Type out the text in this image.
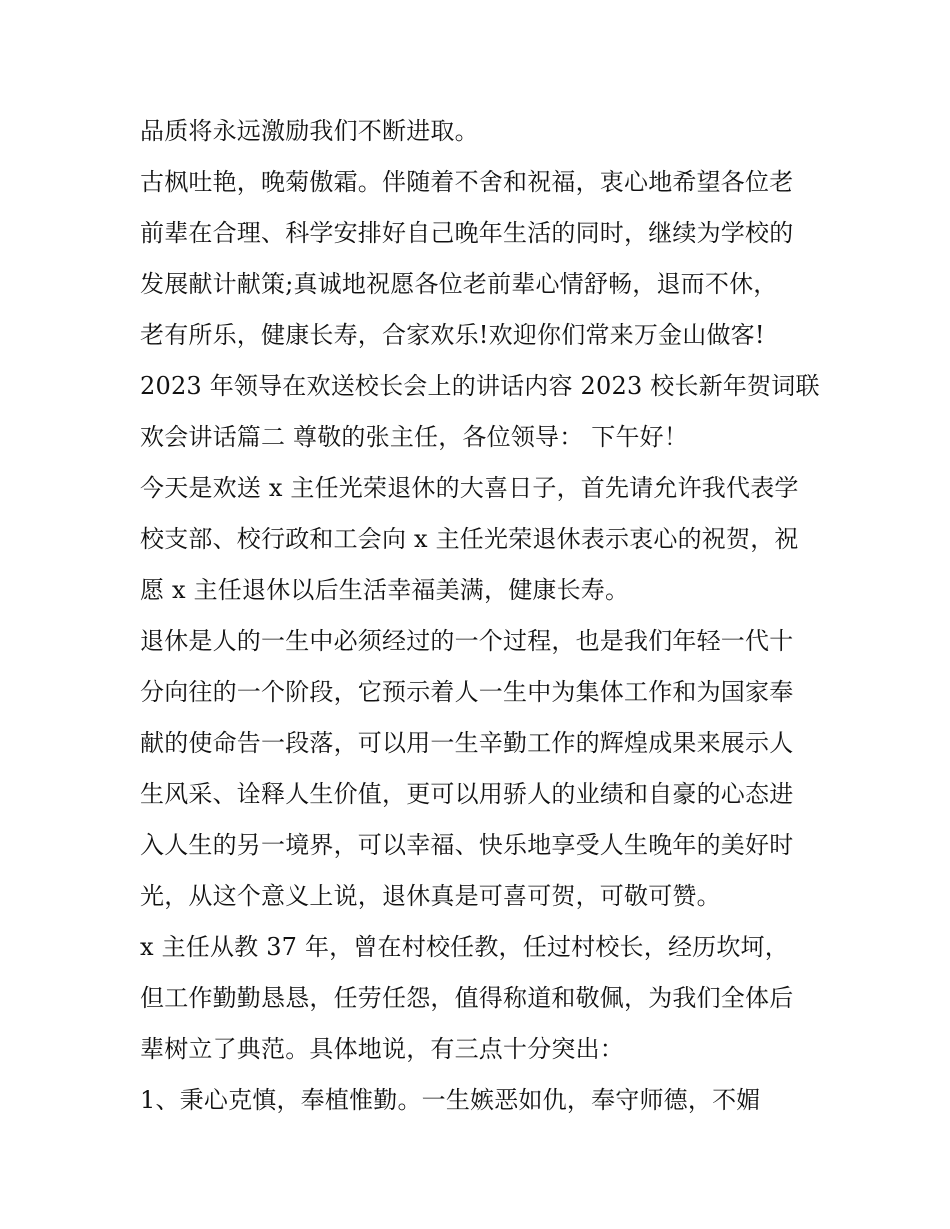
品质将永远激励我们不断进取。
古枫吐艳，晚菊傲霜。伴随着不舍和祝福，衷心地希望各位老
前辈在合理、科学安排好自己晚年生活的同时，继续为学校的
发展献计献策;真诚地祝愿各位老前辈心情舒畅，退而不休，
老有所乐，健康长寿，合家欢乐!欢迎你们常来万金山做客!
2023 年领导在欢送校长会上的讲话内容 2023 校长新年贺词联
欢会讲话篇二 尊敬的张主任，各位领导： 下午好！
今天是欢送 x 主任光荣退休的大喜日子，首先请允许我代表学
校支部、校行政和工会向 x 主任光荣退休表示衷心的祝贺，祝
愿 x 主任退休以后生活幸福美满，健康长寿。
退休是人的一生中必须经过的一个过程，也是我们年轻一代十
分向往的一个阶段，它预示着人一生中为集体工作和为国家奉
献的使命告一段落，可以用一生辛勤工作的辉煌成果来展示人
生风采、诠释人生价值，更可以用骄人的业绩和自豪的心态进
入人生的另一境界，可以幸福、快乐地享受人生晚年的美好时
光，从这个意义上说，退休真是可喜可贺，可敬可赞。
x 主任从教 37 年，曾在村校任教，任过村校长，经历坎坷，
但工作勤勤恳恳，任劳任怨，值得称道和敬佩，为我们全体后
辈树立了典范。具体地说，有三点十分突出：
1、秉心克慎，奉植惟勤。一生嫉恶如仇，奉守师德，不媚
